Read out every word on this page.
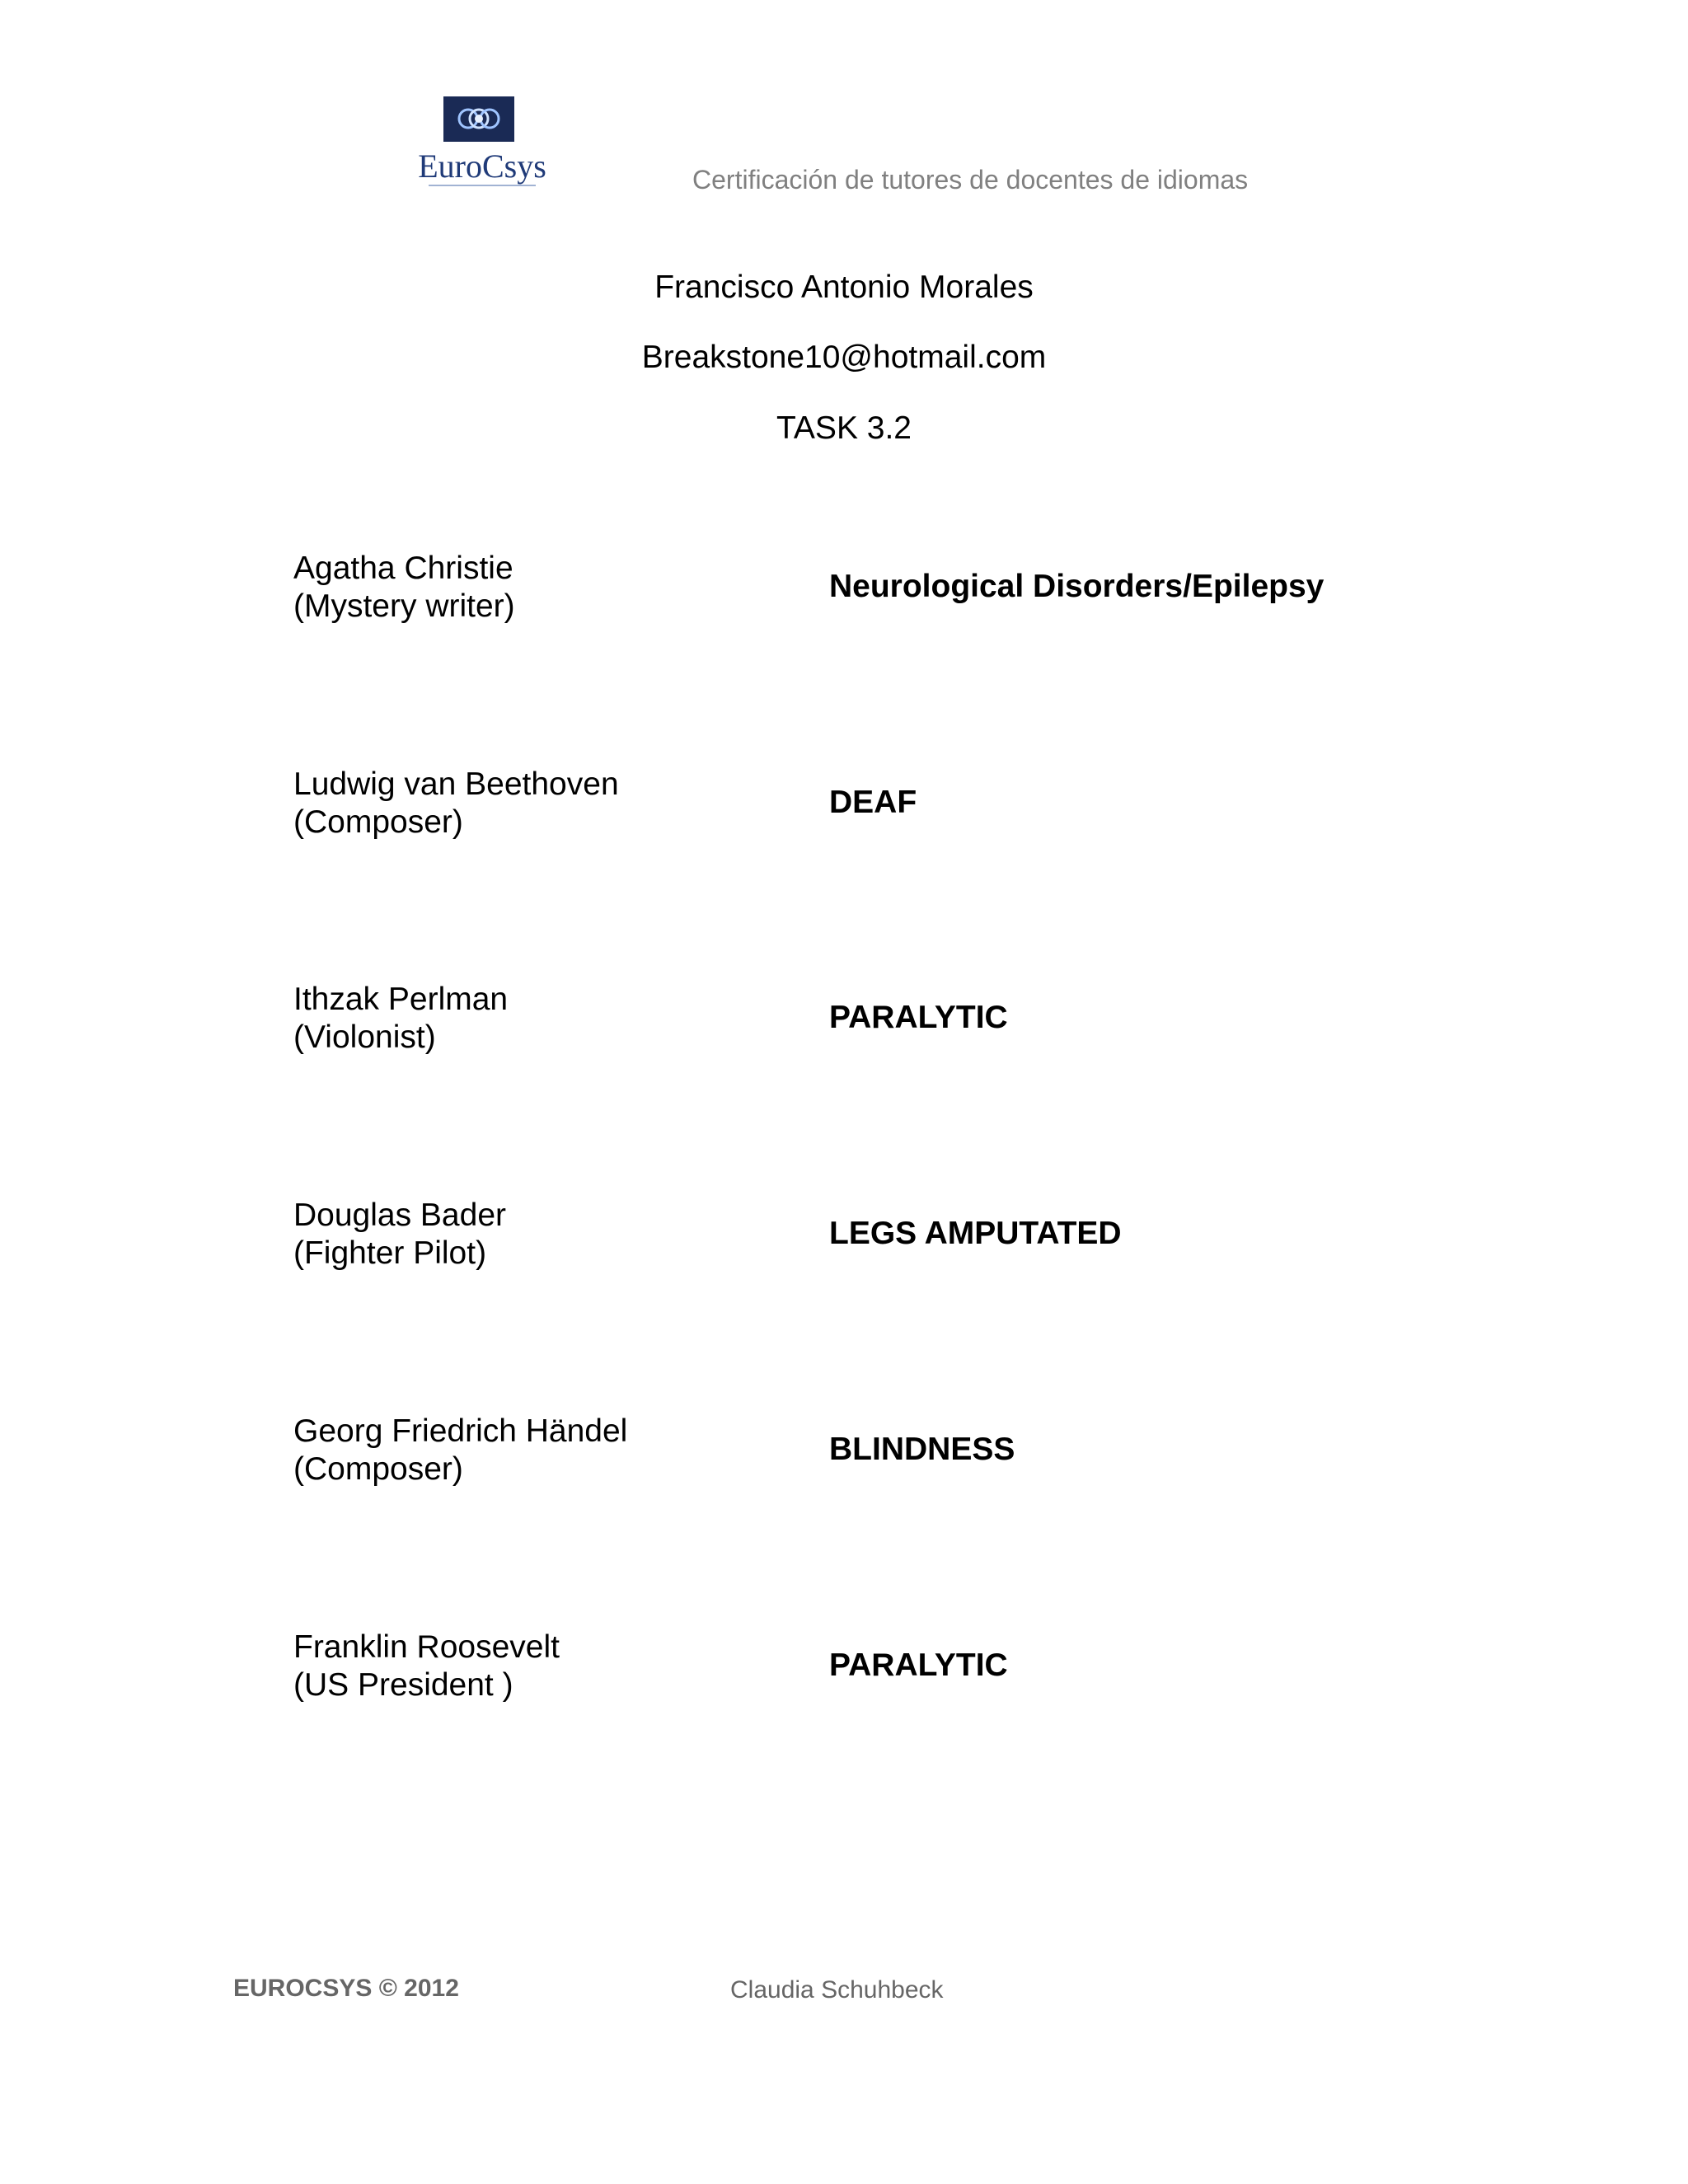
EuroCsys	Certificación de tutores de docentes de idiomas
Francisco Antonio Morales
Breakstone10@hotmail.com
TASK 3.2
Agatha Christie
(Mystery writer)
Neurological Disorders/Epilepsy
Ludwig van Beethoven
(Composer)
DEAF
Ithzak Perlman
(Violonist)
PARALYTIC
Douglas Bader
(Fighter Pilot)
LEGS AMPUTATED
Georg Friedrich Händel
(Composer)
BLINDNESS
Franklin Roosevelt
(US President )
PARALYTIC
EUROCSYS © 2012	Claudia Schuhbeck
